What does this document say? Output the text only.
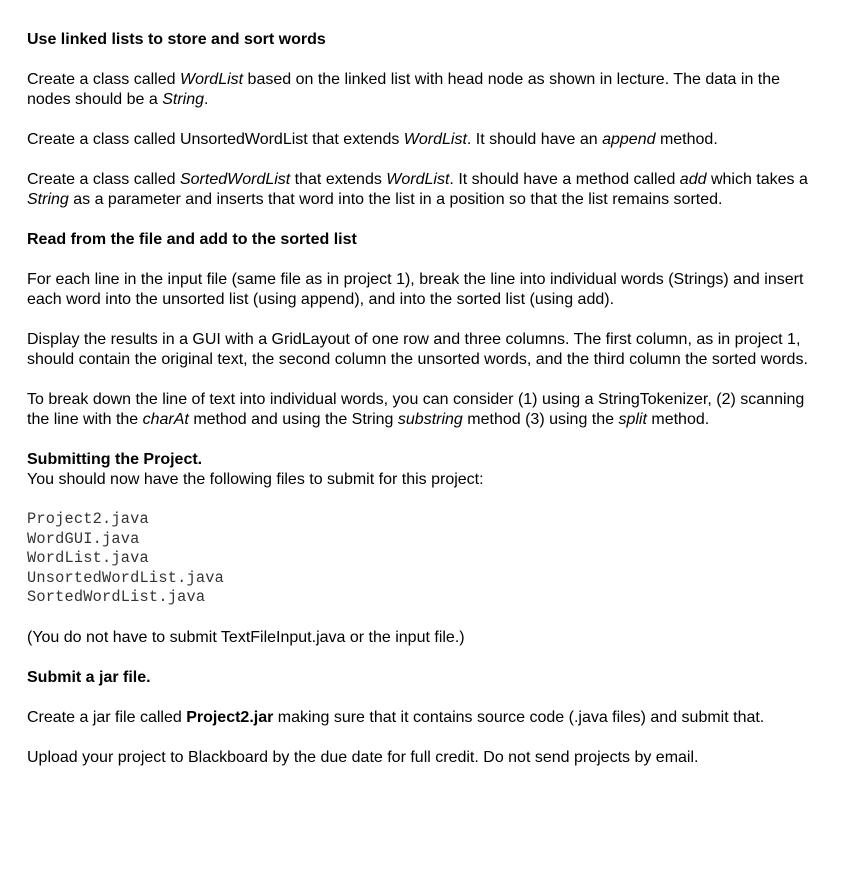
Use linked lists to store and sort words

Create a class called WordList based on the linked list with head node as shown in lecture. The data in the nodes should be a String.

Create a class called UnsortedWordList that extends WordList. It should have an append method.

Create a class called SortedWordList that extends WordList. It should have a method called add which takes a String as a parameter and inserts that word into the list in a position so that the list remains sorted.

Read from the file and add to the sorted list

For each line in the input file (same file as in project 1), break the line into individual words (Strings) and insert each word into the unsorted list (using append), and into the sorted list (using add).

Display the results in a GUI with a GridLayout of one row and three columns. The first column, as in project 1, should contain the original text, the second column the unsorted words, and the third column the sorted words.

To break down the line of text into individual words, you can consider (1) using a StringTokenizer, (2) scanning the line with the charAt method and using the String substring method (3) using the split method.

Submitting the Project.

You should now have the following files to submit for this project:

Project2.java
WordGUI.java
WordList.java
UnsortedWordList.java
SortedWordList.java

(You do not have to submit TextFileInput.java or the input file.)

Submit a jar file.

Create a jar file called Project2.jar making sure that it contains source code (.java files) and submit that.

Upload your project to Blackboard by the due date for full credit. Do not send projects by email.
